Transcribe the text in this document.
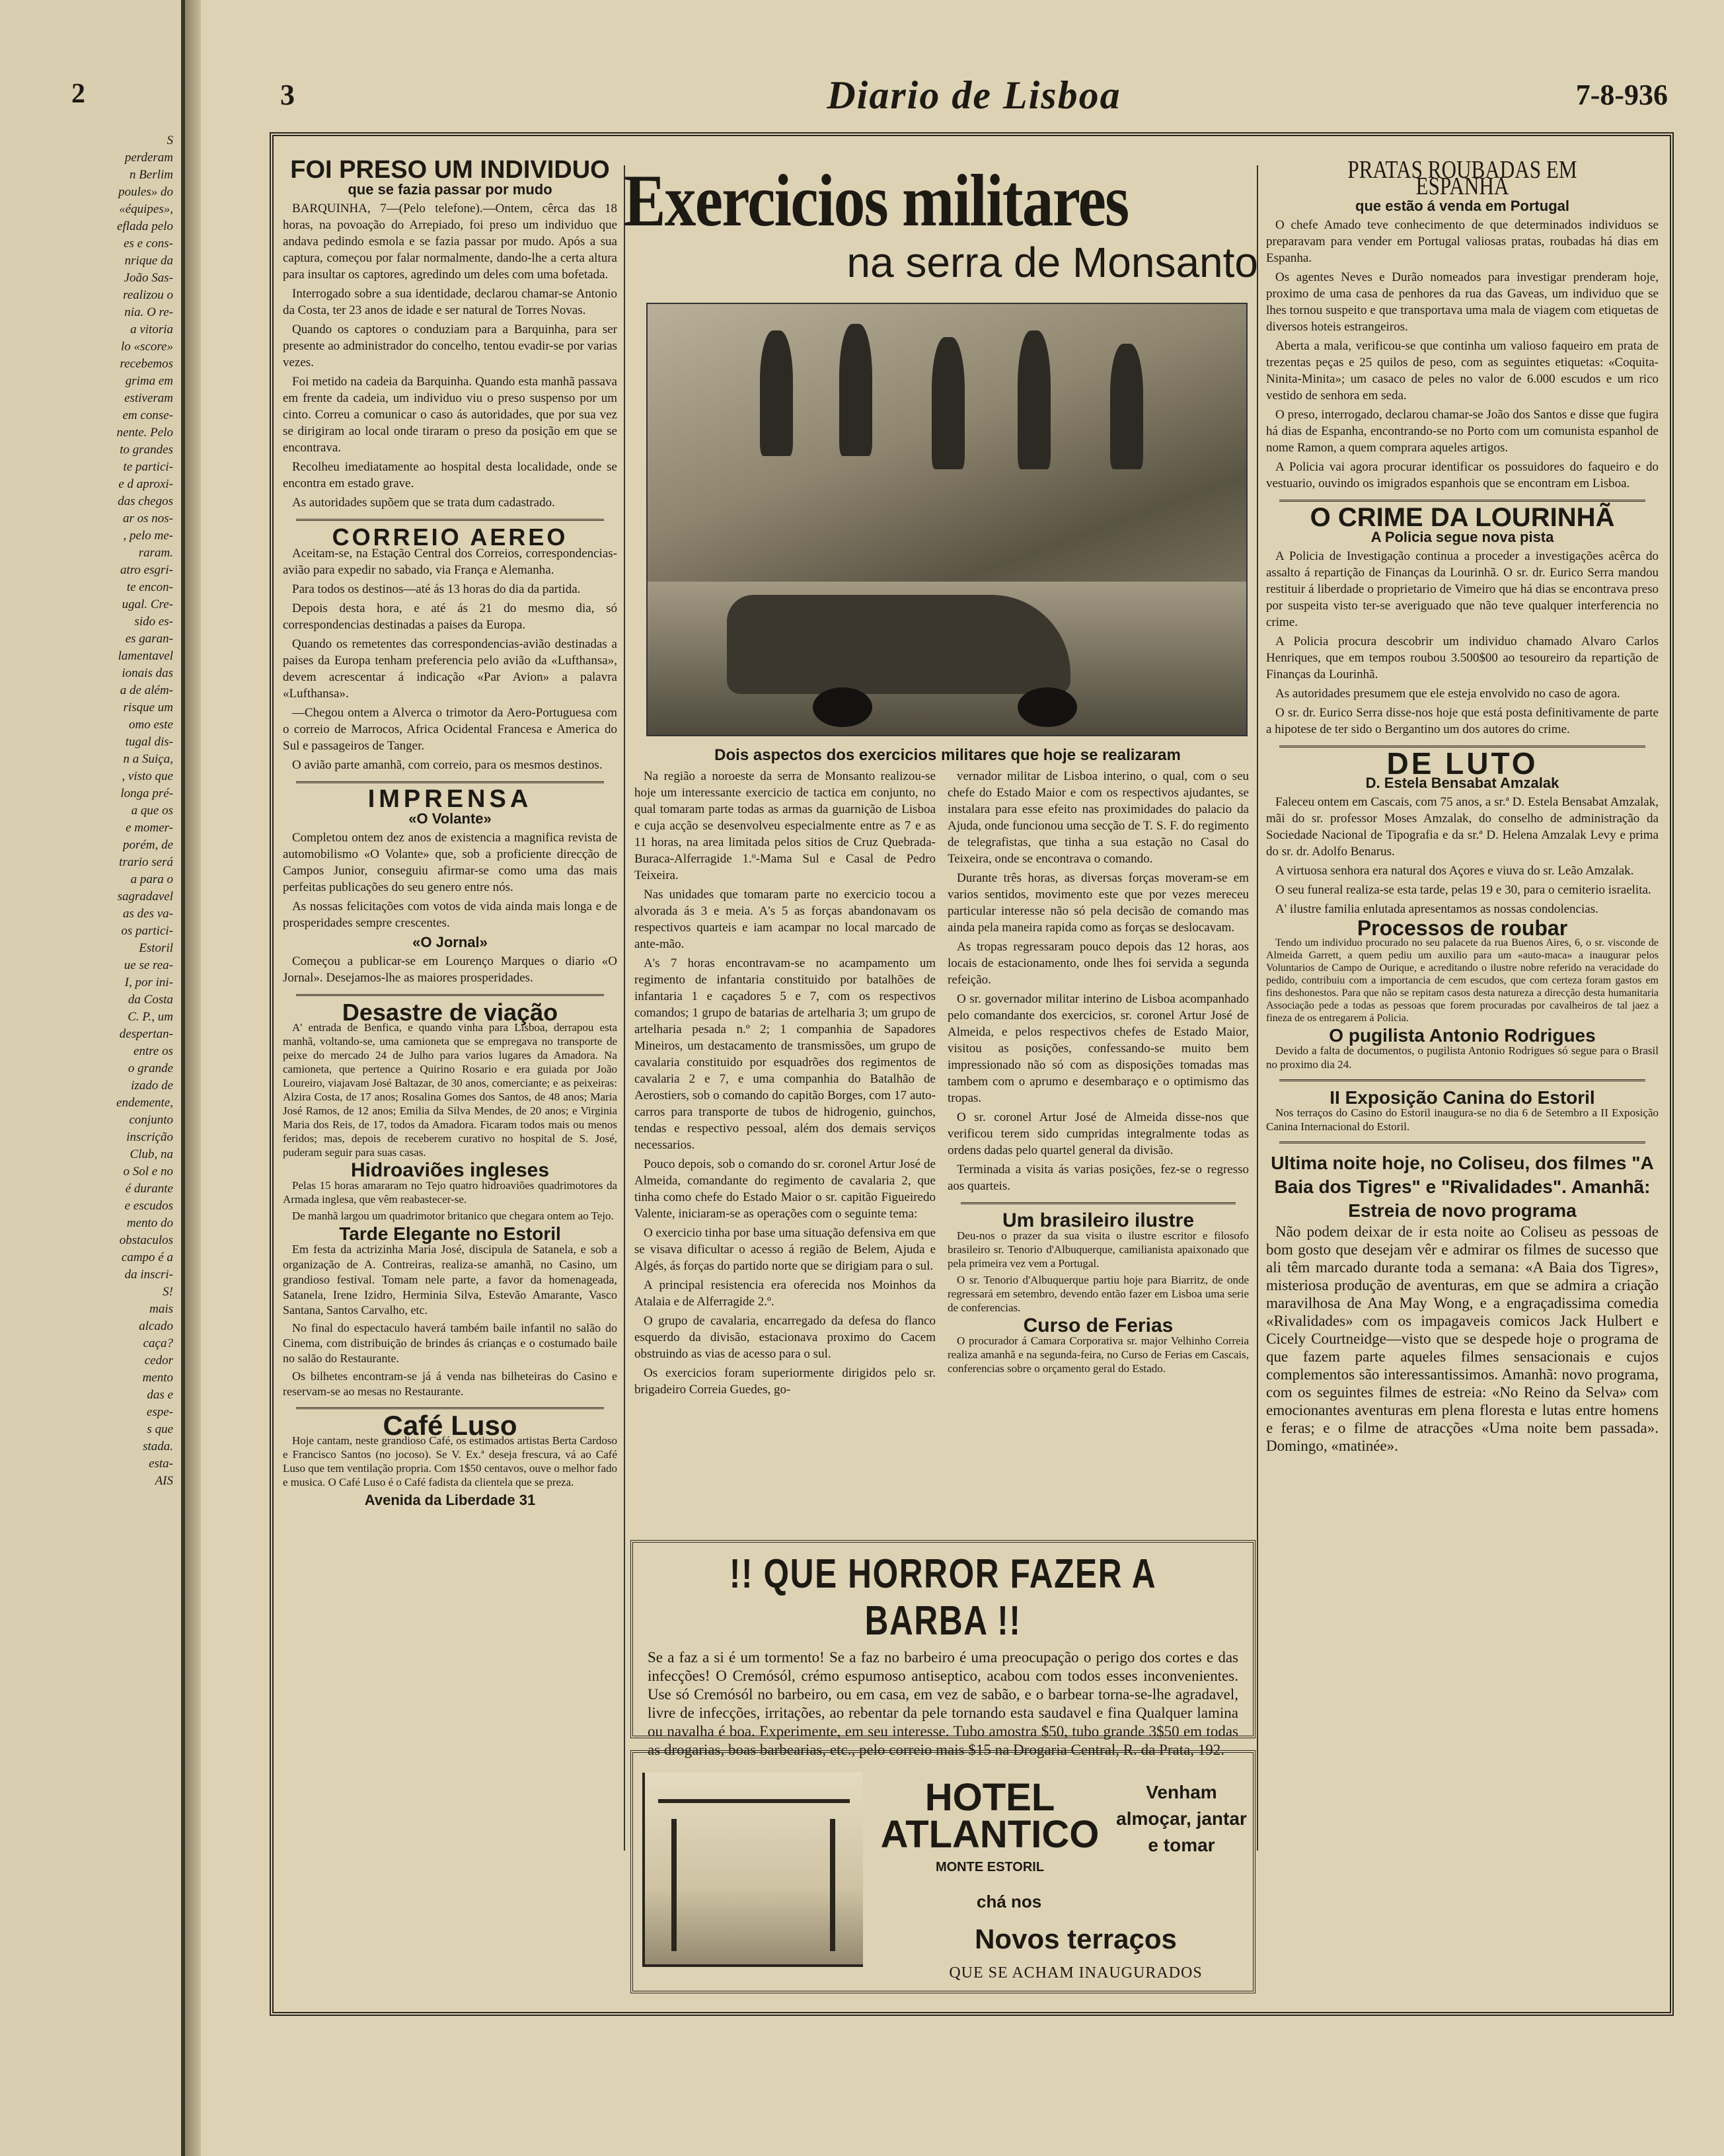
2

S

perderam

n Berlim

poules» do

«équipes»,

eflada pelo

es e cons-

nrique da

João Sas-

realizou o

nia. O re-

a vitoria

lo «score»

recebemos

grima em

estiveram

em conse-

nente. Pelo

to grandes

te partici-

e d aproxi-

das chegos

ar os nos-

, pelo me-

raram.

atro esgri-

te encon-

ugal. Cre-

sido es-

es garan-

lamentavel

ionais das

a de além-

risque um

omo este

tugal dis-

n a Suiça,

, visto que

longa pré-

a que os

e momer-

porém, de

trario será

a para o

sagradavel

as des va-

os partici-

Estoril

ue se rea-

I, por ini-

da Costa

C. P., um

despertan-

entre os

o grande

izado de

endemente,

conjunto

inscrição

Club, na

o Sol e no

é durante

e escudos

mento do

obstaculos

campo é a

da inscri-

S!

mais

alcado

caça?

cedor

mento

das e

espe-

s que

stada.

esta-

AIS

3	Diario de Lisboa	7-8-936
FOI PRESO UM INDIVIDUO
que se fazia passar por mudo

BARQUINHA, 7—(Pelo telefone).—Ontem, cêrca das 18 horas, na povoação do Arrepiado, foi preso um individuo que andava pedindo esmola e se fazia passar por mudo. Após a sua captura, começou por falar normalmente, dando-lhe a certa altura para insultar os captores, agredindo um deles com uma bofetada.

Interrogado sobre a sua identidade, declarou chamar-se Antonio da Costa, ter 23 anos de idade e ser natural de Torres Novas.

Quando os captores o conduziam para a Barquinha, para ser presente ao administrador do concelho, tentou evadir-se por varias vezes.

Foi metido na cadeia da Barquinha. Quando esta manhã passava em frente da cadeia, um individuo viu o preso suspenso por um cinto. Correu a comunicar o caso ás autoridades, que por sua vez se dirigiram ao local onde tiraram o preso da posição em que se encontrava.

Recolheu imediatamente ao hospital desta localidade, onde se encontra em estado grave.

As autoridades supõem que se trata dum cadastrado.

CORREIO AEREO

Aceitam-se, na Estação Central dos Correios, correspondencias-avião para expedir no sabado, via França e Alemanha.

Para todos os destinos—até ás 13 horas do dia da partida.

Depois desta hora, e até ás 21 do mesmo dia, só correspondencias destinadas a paises da Europa.

Quando os remetentes das correspondencias-avião destinadas a paises da Europa tenham preferencia pelo avião da «Lufthansa», devem acrescentar á indicação «Par Avion» a palavra «Lufthansa».

—Chegou ontem a Alverca o trimotor da Aero-Portuguesa com o correio de Marrocos, Africa Ocidental Francesa e America do Sul e passageiros de Tanger.

O avião parte amanhã, com correio, para os mesmos destinos.

IMPRENSA
«O Volante»

Completou ontem dez anos de existencia a magnifica revista de automobilismo «O Volante» que, sob a proficiente direcção de Campos Junior, conseguiu afirmar-se como uma das mais perfeitas publicações do seu genero entre nós.

As nossas felicitações com votos de vida ainda mais longa e de prosperidades sempre crescentes.

«O Jornal»

Começou a publicar-se em Lourenço Marques o diario «O Jornal». Desejamos-lhe as maiores prosperidades.

Desastre de viação

A' entrada de Benfica, e quando vinha para Lisboa, derrapou esta manhã, voltando-se, uma camioneta que se empregava no transporte de peixe do mercado 24 de Julho para varios lugares da Amadora. Na camioneta, que pertence a Quirino Rosario e era guiada por João Loureiro, viajavam José Baltazar, de 30 anos, comerciante; e as peixeiras: Alzira Costa, de 17 anos; Rosalina Gomes dos Santos, de 48 anos; Maria José Ramos, de 12 anos; Emilia da Silva Mendes, de 20 anos; e Virginia Maria dos Reis, de 17, todos da Amadora. Ficaram todos mais ou menos feridos; mas, depois de receberem curativo no hospital de S. José, puderam seguir para suas casas.

Hidroaviões ingleses

Pelas 15 horas amararam no Tejo quatro hidroaviões quadrimotores da Armada inglesa, que vêm reabastecer-se.

De manhã largou um quadrimotor britanico que chegara ontem ao Tejo.

Tarde Elegante no Estoril

Em festa da actrizinha Maria José, discipula de Satanela, e sob a organização de A. Contreiras, realiza-se amanhã, no Casino, um grandioso festival. Tomam nele parte, a favor da homenageada, Satanela, Irene Izidro, Herminia Silva, Estevão Amarante, Vasco Santana, Santos Carvalho, etc.

No final do espectaculo haverá também baile infantil no salão do Cinema, com distribuição de brindes ás crianças e o costumado baile no salão do Restaurante.

Os bilhetes encontram-se já á venda nas bilheteiras do Casino e reservam-se ao mesas no Restaurante.

Café Luso

Hoje cantam, neste grandioso Café, os estimados artistas Berta Cardoso e Francisco Santos (no jocoso). Se V. Ex.ª deseja frescura, vá ao Café Luso que tem ventilação propria. Com 1$50 centavos, ouve o melhor fado e musica. O Café Luso é o Café fadista da clientela que se preza.

Avenida da Liberdade 31
Exercicios militares
na serra de Monsanto
Dois aspectos dos exercicios militares que hoje se realizaram

Na região a noroeste da serra de Monsanto realizou-se hoje um interessante exercicio de tactica em conjunto, no qual tomaram parte todas as armas da guarnição de Lisboa e cuja acção se desenvolveu especialmente entre as 7 e as 11 horas, na area limitada pelos sitios de Cruz Quebrada-Buraca-Alferragide 1.º-Mama Sul e Casal de Pedro Teixeira.

Nas unidades que tomaram parte no exercicio tocou a alvorada ás 3 e meia. A's 5 as forças abandonavam os respectivos quarteis e iam acampar no local marcado de ante-mão.

A's 7 horas encontravam-se no acampamento um regimento de infantaria constituido por batalhões de infantaria 1 e caçadores 5 e 7, com os respectivos comandos; 1 grupo de batarias de artelharia 3; um grupo de artelharia pesada n.º 2; 1 companhia de Sapadores Mineiros, um destacamento de transmissões, um grupo de cavalaria constituido por esquadrões dos regimentos de cavalaria 2 e 7, e uma companhia do Batalhão de Aerostiers, sob o comando do capitão Borges, com 17 auto-carros para transporte de tubos de hidrogenio, guinchos, tendas e respectivo pessoal, além dos demais serviços necessarios.

Pouco depois, sob o comando do sr. coronel Artur José de Almeida, comandante do regimento de cavalaria 2, que tinha como chefe do Estado Maior o sr. capitão Figueiredo Valente, iniciaram-se as operações com o seguinte tema:

O exercicio tinha por base uma situação defensiva em que se visava dificultar o acesso á região de Belem, Ajuda e Algés, ás forças do partido norte que se dirigiam para o sul.

A principal resistencia era oferecida nos Moinhos da Atalaia e de Alferragide 2.º.

O grupo de cavalaria, encarregado da defesa do flanco esquerdo da divisão, estacionava proximo do Cacem obstruindo as vias de acesso para o sul.

Os exercicios foram superiormente dirigidos pelo sr. brigadeiro Correia Guedes, go-

vernador militar de Lisboa interino, o qual, com o seu chefe do Estado Maior e com os respectivos ajudantes, se instalara para esse efeito nas proximidades do palacio da Ajuda, onde funcionou uma secção de T. S. F. do regimento de telegrafistas, que tinha a sua estação no Casal do Teixeira, onde se encontrava o comando.

Durante três horas, as diversas forças moveram-se em varios sentidos, movimento este que por vezes mereceu particular interesse não só pela decisão de comando mas ainda pela maneira rapida como as forças se deslocavam.

As tropas regressaram pouco depois das 12 horas, aos locais de estacionamento, onde lhes foi servida a segunda refeição.

O sr. governador militar interino de Lisboa acompanhado pelo comandante dos exercicios, sr. coronel Artur José de Almeida, e pelos respectivos chefes de Estado Maior, visitou as posições, confessando-se muito bem impressionado não só com as disposições tomadas mas tambem com o aprumo e desembaraço e o optimismo das tropas.

O sr. coronel Artur José de Almeida disse-nos que verificou terem sido cumpridas integralmente todas as ordens dadas pelo quartel general da divisão.

Terminada a visita ás varias posições, fez-se o regresso aos quarteis.

Um brasileiro ilustre

Deu-nos o prazer da sua visita o ilustre escritor e filosofo brasileiro sr. Tenorio d'Albuquerque, camilianista apaixonado que pela primeira vez vem a Portugal.

O sr. Tenorio d'Albuquerque partiu hoje para Biarritz, de onde regressará em setembro, devendo então fazer em Lisboa uma serie de conferencias.

Curso de Ferias

O procurador á Camara Corporativa sr. major Velhinho Correia realiza amanhã e na segunda-feira, no Curso de Ferias em Cascais, conferencias sobre o orçamento geral do Estado.

!! QUE HORROR FAZER A BARBA !!
Se a faz a si é um tormento! Se a faz no barbeiro é uma preocupação o perigo dos cortes e das infecções! O Cremósól, crémo espumoso antiseptico, acabou com todos esses inconvenientes. Use só Cremósól no barbeiro, ou em casa, em vez de sabão, e o barbear torna-se-lhe agradavel, livre de infecções, irritações, ao rebentar da pele tornando esta saudavel e fina Qualquer lamina ou navalha é boa. Experimente, em seu interesse. Tubo amostra $50, tubo grande 3$50 em todas as drogarias, boas barbearias, etc., pelo correio mais $15 na Drogaria Central, R. da Prata, 192.
HOTEL ATLANTICO
MONTE ESTORIL
Venham almoçar, jantar e tomar
chá nos
Novos terraços
QUE SE ACHAM INAUGURADOS
PRATAS ROUBADAS EM ESPANHA
que estão á venda em Portugal

O chefe Amado teve conhecimento de que determinados individuos se preparavam para vender em Portugal valiosas pratas, roubadas há dias em Espanha.

Os agentes Neves e Durão nomeados para investigar prenderam hoje, proximo de uma casa de penhores da rua das Gaveas, um individuo que se lhes tornou suspeito e que transportava uma mala de viagem com etiquetas de diversos hoteis estrangeiros.

Aberta a mala, verificou-se que continha um valioso faqueiro em prata de trezentas peças e 25 quilos de peso, com as seguintes etiquetas: «Coquita-Ninita-Minita»; um casaco de peles no valor de 6.000 escudos e um rico vestido de senhora em seda.

O preso, interrogado, declarou chamar-se João dos Santos e disse que fugira há dias de Espanha, encontrando-se no Porto com um comunista espanhol de nome Ramon, a quem comprara aqueles artigos.

A Policia vai agora procurar identificar os possuidores do faqueiro e do vestuario, ouvindo os imigrados espanhois que se encontram em Lisboa.

O CRIME DA LOURINHÃ
A Policia segue nova pista

A Policia de Investigação continua a proceder a investigações acêrca do assalto á repartição de Finanças da Lourinhã. O sr. dr. Eurico Serra mandou restituir á liberdade o proprietario de Vimeiro que há dias se encontrava preso por suspeita visto ter-se averiguado que não teve qualquer interferencia no crime.

A Policia procura descobrir um individuo chamado Alvaro Carlos Henriques, que em tempos roubou 3.500$00 ao tesoureiro da repartição de Finanças da Lourinhã.

As autoridades presumem que ele esteja envolvido no caso de agora.

O sr. dr. Eurico Serra disse-nos hoje que está posta definitivamente de parte a hipotese de ter sido o Bergantino um dos autores do crime.

DE LUTO
D. Estela Bensabat Amzalak

Faleceu ontem em Cascais, com 75 anos, a sr.ª D. Estela Bensabat Amzalak, mãi do sr. professor Moses Amzalak, do conselho de administração da Sociedade Nacional de Tipografia e da sr.ª D. Helena Amzalak Levy e prima do sr. dr. Adolfo Benarus.

A virtuosa senhora era natural dos Açores e viuva do sr. Leão Amzalak.

O seu funeral realiza-se esta tarde, pelas 19 e 30, para o cemiterio israelita.

A' ilustre familia enlutada apresentamos as nossas condolencias.

Processos de roubar

Tendo um individuo procurado no seu palacete da rua Buenos Aires, 6, o sr. visconde de Almeida Garrett, a quem pediu um auxilio para um «auto-maca» a inaugurar pelos Voluntarios de Campo de Ourique, e acreditando o ilustre nobre referido na veracidade do pedido, contribuiu com a importancia de cem escudos, que com certeza foram gastos em fins deshonestos. Para que não se repitam casos desta natureza a direcção desta humanitaria Associação pede a todas as pessoas que forem procuradas por cavalheiros de tal jaez a fineza de os entregarem á Policia.

O pugilista Antonio Rodrigues

Devido a falta de documentos, o pugilista Antonio Rodrigues só segue para o Brasil no proximo dia 24.

II Exposição Canina do Estoril

Nos terraços do Casino do Estoril inaugura-se no dia 6 de Setembro a II Exposição Canina Internacional do Estoril.

Ultima noite hoje, no Coliseu, dos filmes "A Baia dos Tigres" e "Rivalidades". Amanhã: Estreia de novo programa

Não podem deixar de ir esta noite ao Coliseu as pessoas de bom gosto que desejam vêr e admirar os filmes de sucesso que ali têm marcado durante toda a semana: «A Baia dos Tigres», misteriosa produção de aventuras, em que se admira a criação maravilhosa de Ana May Wong, e a engraçadissima comedia «Rivalidades» com os impagaveis comicos Jack Hulbert e Cicely Courtneidge—visto que se despede hoje o programa de que fazem parte aqueles filmes sensacionais e cujos complementos são interessantissimos. Amanhã: novo programa, com os seguintes filmes de estreia: «No Reino da Selva» com emocionantes aventuras em plena floresta e lutas entre homens e feras; e o filme de atracções «Uma noite bem passada». Domingo, «matinée».
